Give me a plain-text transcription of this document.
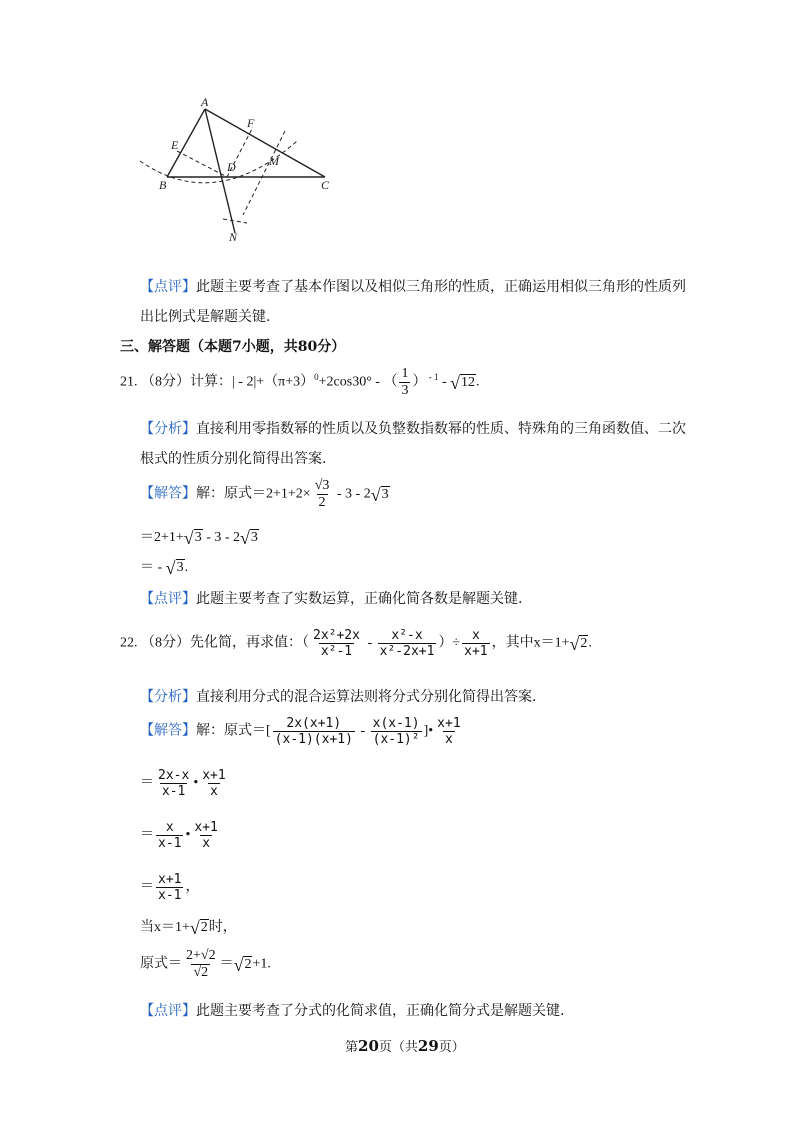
A
E
F
D	M
B	C
N
【点评】此题主要考查了基本作图以及相似三角形的性质，正确运用相似三角形的性质列
出比例式是解题关键.
三、解答题（本题7小题，共80分）
21. （8分）计算：| - $2|+(\pi+3)^0+2\cos 30^\circ$ - （ $\frac{1}{3}$ ） $^{- 1}$ - √ 12 .
【分析】直接利用零指数幂的性质以及负整数指数幂的性质、特殊角的三角函数值、二次
根式的性质分别化简得出答案.
【解答】解：原式$=2+1+2\times \frac{√3}{2} - 3 - 2$ √ 3
＝2+1+ √ 3 - 3 - 2 √ 3
＝ - √ 3 .
【点评】此题主要考查了实数运算，正确化简各数是解题关键.
22. （8分）先化简，再求值：（ $\frac{\text{2x²+2x}}{\text{x²-1}} - \frac{\text{x²-x}}{\text{x²-2x+1}}$ ）÷ $\frac{x}{x+1}$ ，其中x＝1+ √ 2 .
【分析】直接利用分式的混合运算法则将分式分别化简得出答案.
【解答】解：原式＝[ $\frac{2x(x+1)}{(x-1)(x+1)} - \frac{x(x-1)}{\text{(x-1)²}}$ ]• $\frac{x+1}{x}$
＝ $\frac{2x-x}{x-1}$ • $\frac{x+1}{x}$
＝ $\frac{x}{x-1}$ • $\frac{x+1}{x}$
＝ $\frac{x+1}{x-1}$ ，
当x＝1+ √ 2 时，
原式＝ $\frac{2+√2}{√2}$ ＝ √ 2 +1.
【点评】此题主要考查了分式的化简求值，正确化简分式是解题关键.
第20页（共29页）
